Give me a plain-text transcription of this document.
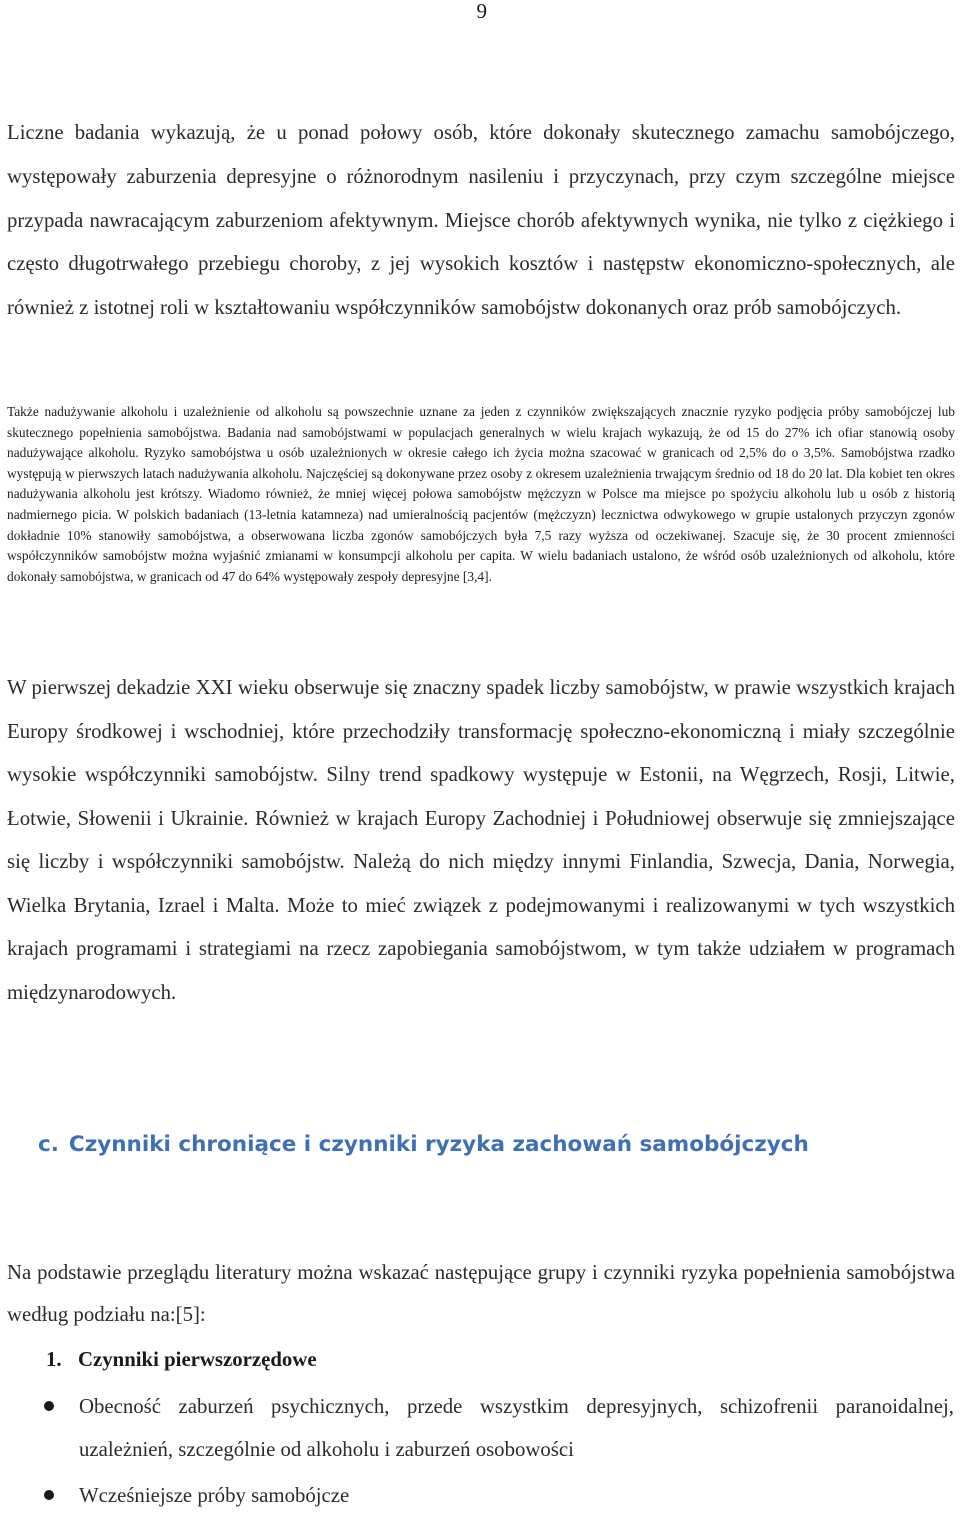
9

Liczne badania wykazują, że u ponad połowy osób, które dokonały skutecznego zamachu samobójczego, występowały zaburzenia depresyjne o różnorodnym nasileniu i przyczynach, przy czym szczególne miejsce przypada nawracającym zaburzeniom afektywnym. Miejsce chorób afektywnych wynika, nie tylko z ciężkiego i często długotrwałego przebiegu choroby, z jej wysokich kosztów i następstw ekonomiczno-społecznych, ale również z istotnej roli w kształtowaniu współczynników samobójstw dokonanych oraz prób samobójczych.

Także nadużywanie alkoholu i uzależnienie od alkoholu są powszechnie uznane za jeden z czynników zwiększających znacznie ryzyko podjęcia próby samobójczej lub skutecznego popełnienia samobójstwa. Badania nad samobójstwami w populacjach generalnych w wielu krajach wykazują, że od 15 do 27% ich ofiar stanowią osoby nadużywające alkoholu. Ryzyko samobójstwa u osób uzależnionych w okresie całego ich życia można szacować w granicach od 2,5% do o 3,5%. Samobójstwa rzadko występują w pierwszych latach nadużywania alkoholu. Najczęściej są dokonywane przez osoby z okresem uzależnienia trwającym średnio od 18 do 20 lat. Dla kobiet ten okres nadużywania alkoholu jest krótszy. Wiadomo również, że mniej więcej połowa samobójstw mężczyzn w Polsce ma miejsce po spożyciu alkoholu lub u osób z historią nadmiernego picia. W polskich badaniach (13-letnia katamneza) nad umieralnością pacjentów (mężczyzn) lecznictwa odwykowego w grupie ustalonych przyczyn zgonów dokładnie 10% stanowiły samobójstwa, a obserwowana liczba zgonów samobójczych była 7,5 razy wyższa od oczekiwanej. Szacuje się, że 30 procent zmienności współczynników samobójstw można wyjaśnić zmianami w konsumpcji alkoholu per capita. W wielu badaniach ustalono, że wśród osób uzależnionych od alkoholu, które dokonały samobójstwa, w granicach od 47 do 64% występowały zespoły depresyjne [3,4].

W pierwszej dekadzie XXI wieku obserwuje się znaczny spadek liczby samobójstw, w prawie wszystkich krajach Europy środkowej i wschodniej, które przechodziły transformację społeczno-ekonomiczną i miały szczególnie wysokie współczynniki samobójstw. Silny trend spadkowy występuje w Estonii, na Węgrzech, Rosji, Litwie, Łotwie, Słowenii i Ukrainie. Również w krajach Europy Zachodniej i Południowej obserwuje się zmniejszające się liczby i współczynniki samobójstw. Należą do nich między innymi Finlandia, Szwecja, Dania, Norwegia, Wielka Brytania, Izrael i Malta. Może to mieć związek z podejmowanymi i realizowanymi w tych wszystkich krajach programami i strategiami na rzecz zapobiegania samobójstwom, w tym także udziałem w programach międzynarodowych.

c. Czynniki chroniące i czynniki ryzyka zachowań samobójczych

Na podstawie przeglądu literatury można wskazać następujące grupy i czynniki ryzyka popełnienia samobójstwa według podziału na:[5]:

1. Czynniki pierwszorzędowe
Obecność zaburzeń psychicznych, przede wszystkim depresyjnych, schizofrenii paranoidalnej, uzależnień, szczególnie od alkoholu i zaburzeń osobowości
Wcześniejsze próby samobójcze
